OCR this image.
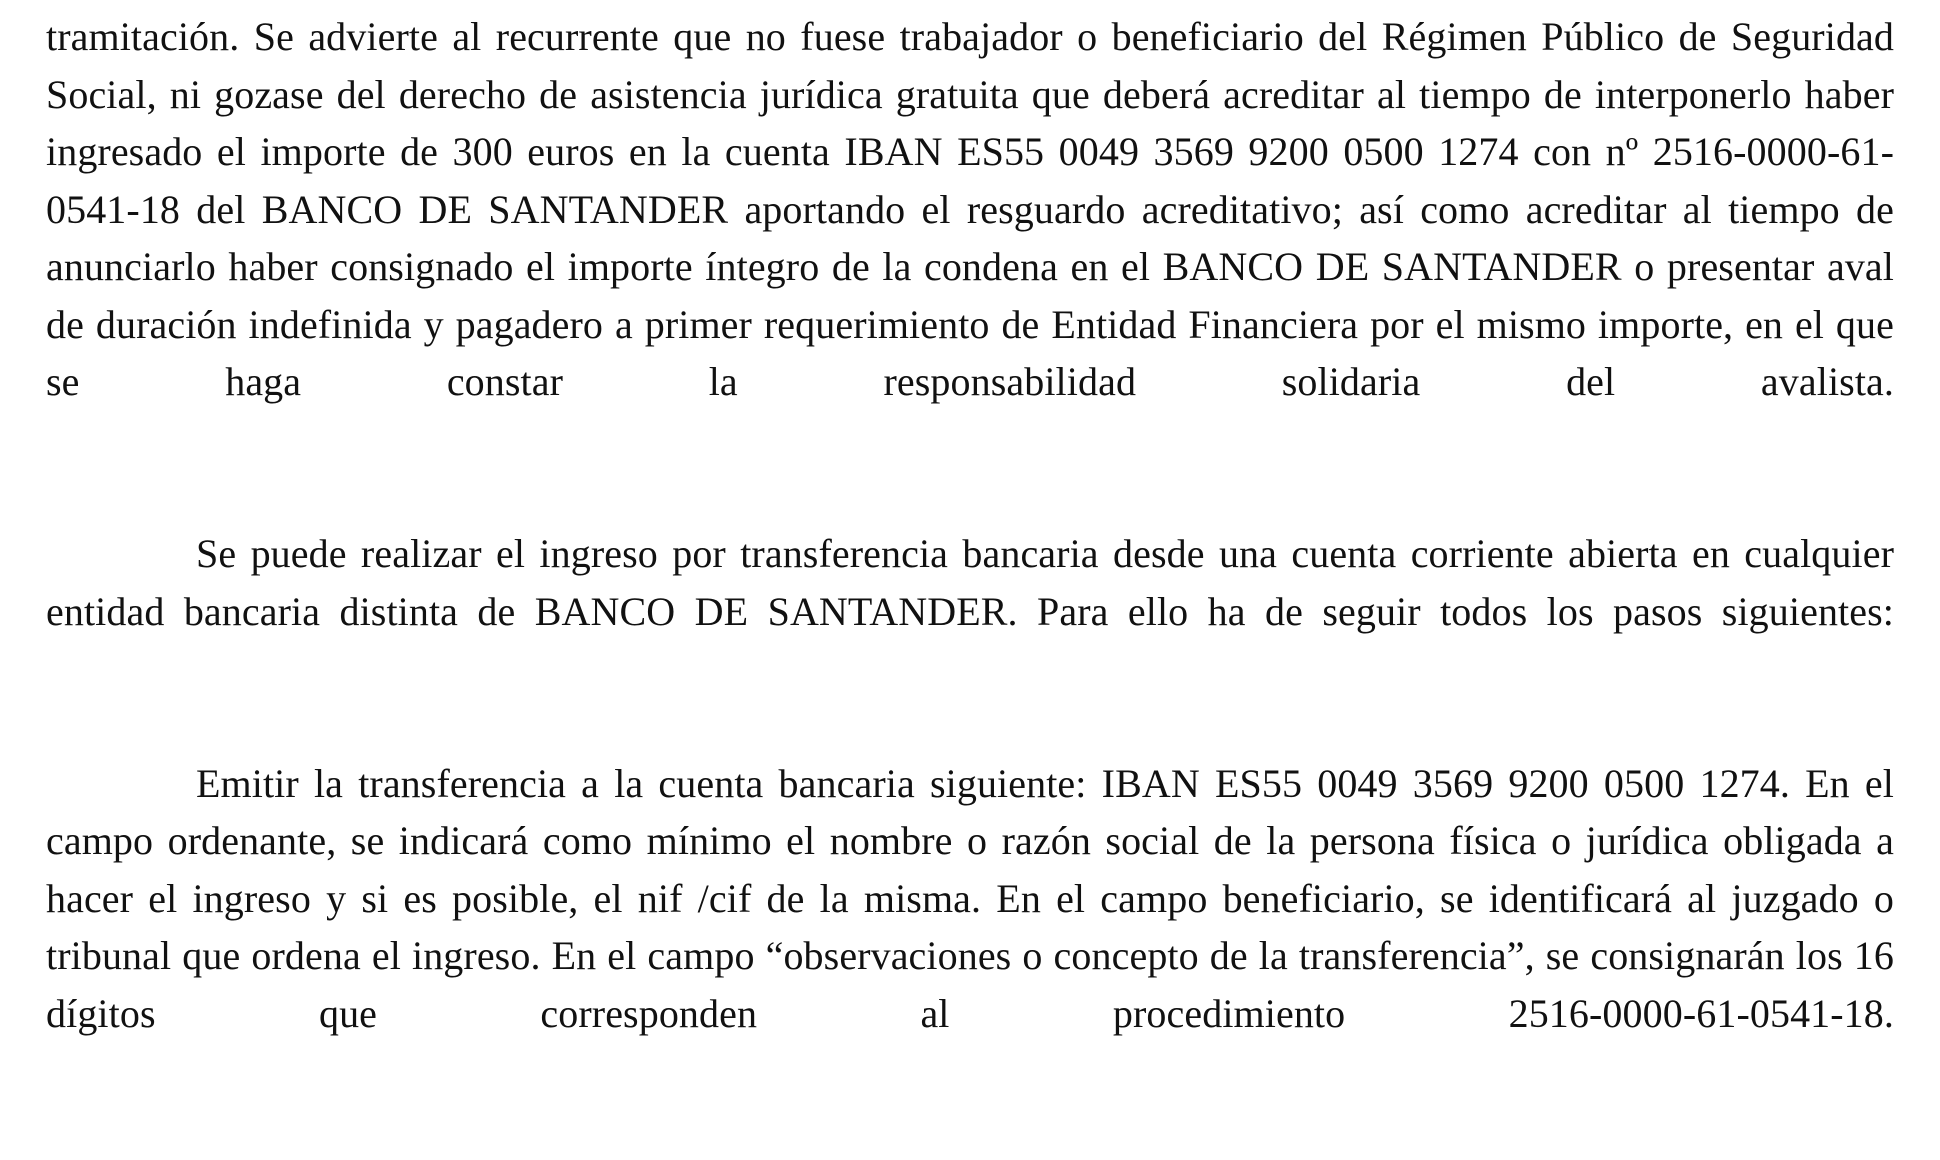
tramitación. Se advierte al recurrente que no fuese trabajador o beneficiario del Régimen Público de Seguridad Social, ni gozase del derecho de asistencia jurídica gratuita que deberá acreditar al tiempo de interponerlo haber ingresado el importe de 300 euros en la cuenta IBAN ES55 0049 3569 9200 0500 1274 con nº 2516-0000-61-0541-18 del BANCO DE SANTANDER aportando el resguardo acreditativo; así como acreditar al tiempo de anunciarlo haber consignado el importe íntegro de la condena en el BANCO DE SANTANDER o presentar aval de duración indefinida y pagadero a primer requerimiento de Entidad Financiera por el mismo importe, en el que se haga constar la responsabilidad solidaria del avalista.

Se puede realizar el ingreso por transferencia bancaria desde una cuenta corriente abierta en cualquier entidad bancaria distinta de BANCO DE SANTANDER. Para ello ha de seguir todos los pasos siguientes:

Emitir la transferencia a la cuenta bancaria siguiente: IBAN ES55 0049 3569 9200 0500 1274. En el campo ordenante, se indicará como mínimo el nombre o razón social de la persona física o jurídica obligada a hacer el ingreso y si es posible, el nif /cif de la misma. En el campo beneficiario, se identificará al juzgado o tribunal que ordena el ingreso. En el campo “observaciones o concepto de la transferencia”, se consignarán los 16 dígitos que corresponden al procedimiento 2516-0000-61-0541-18.
